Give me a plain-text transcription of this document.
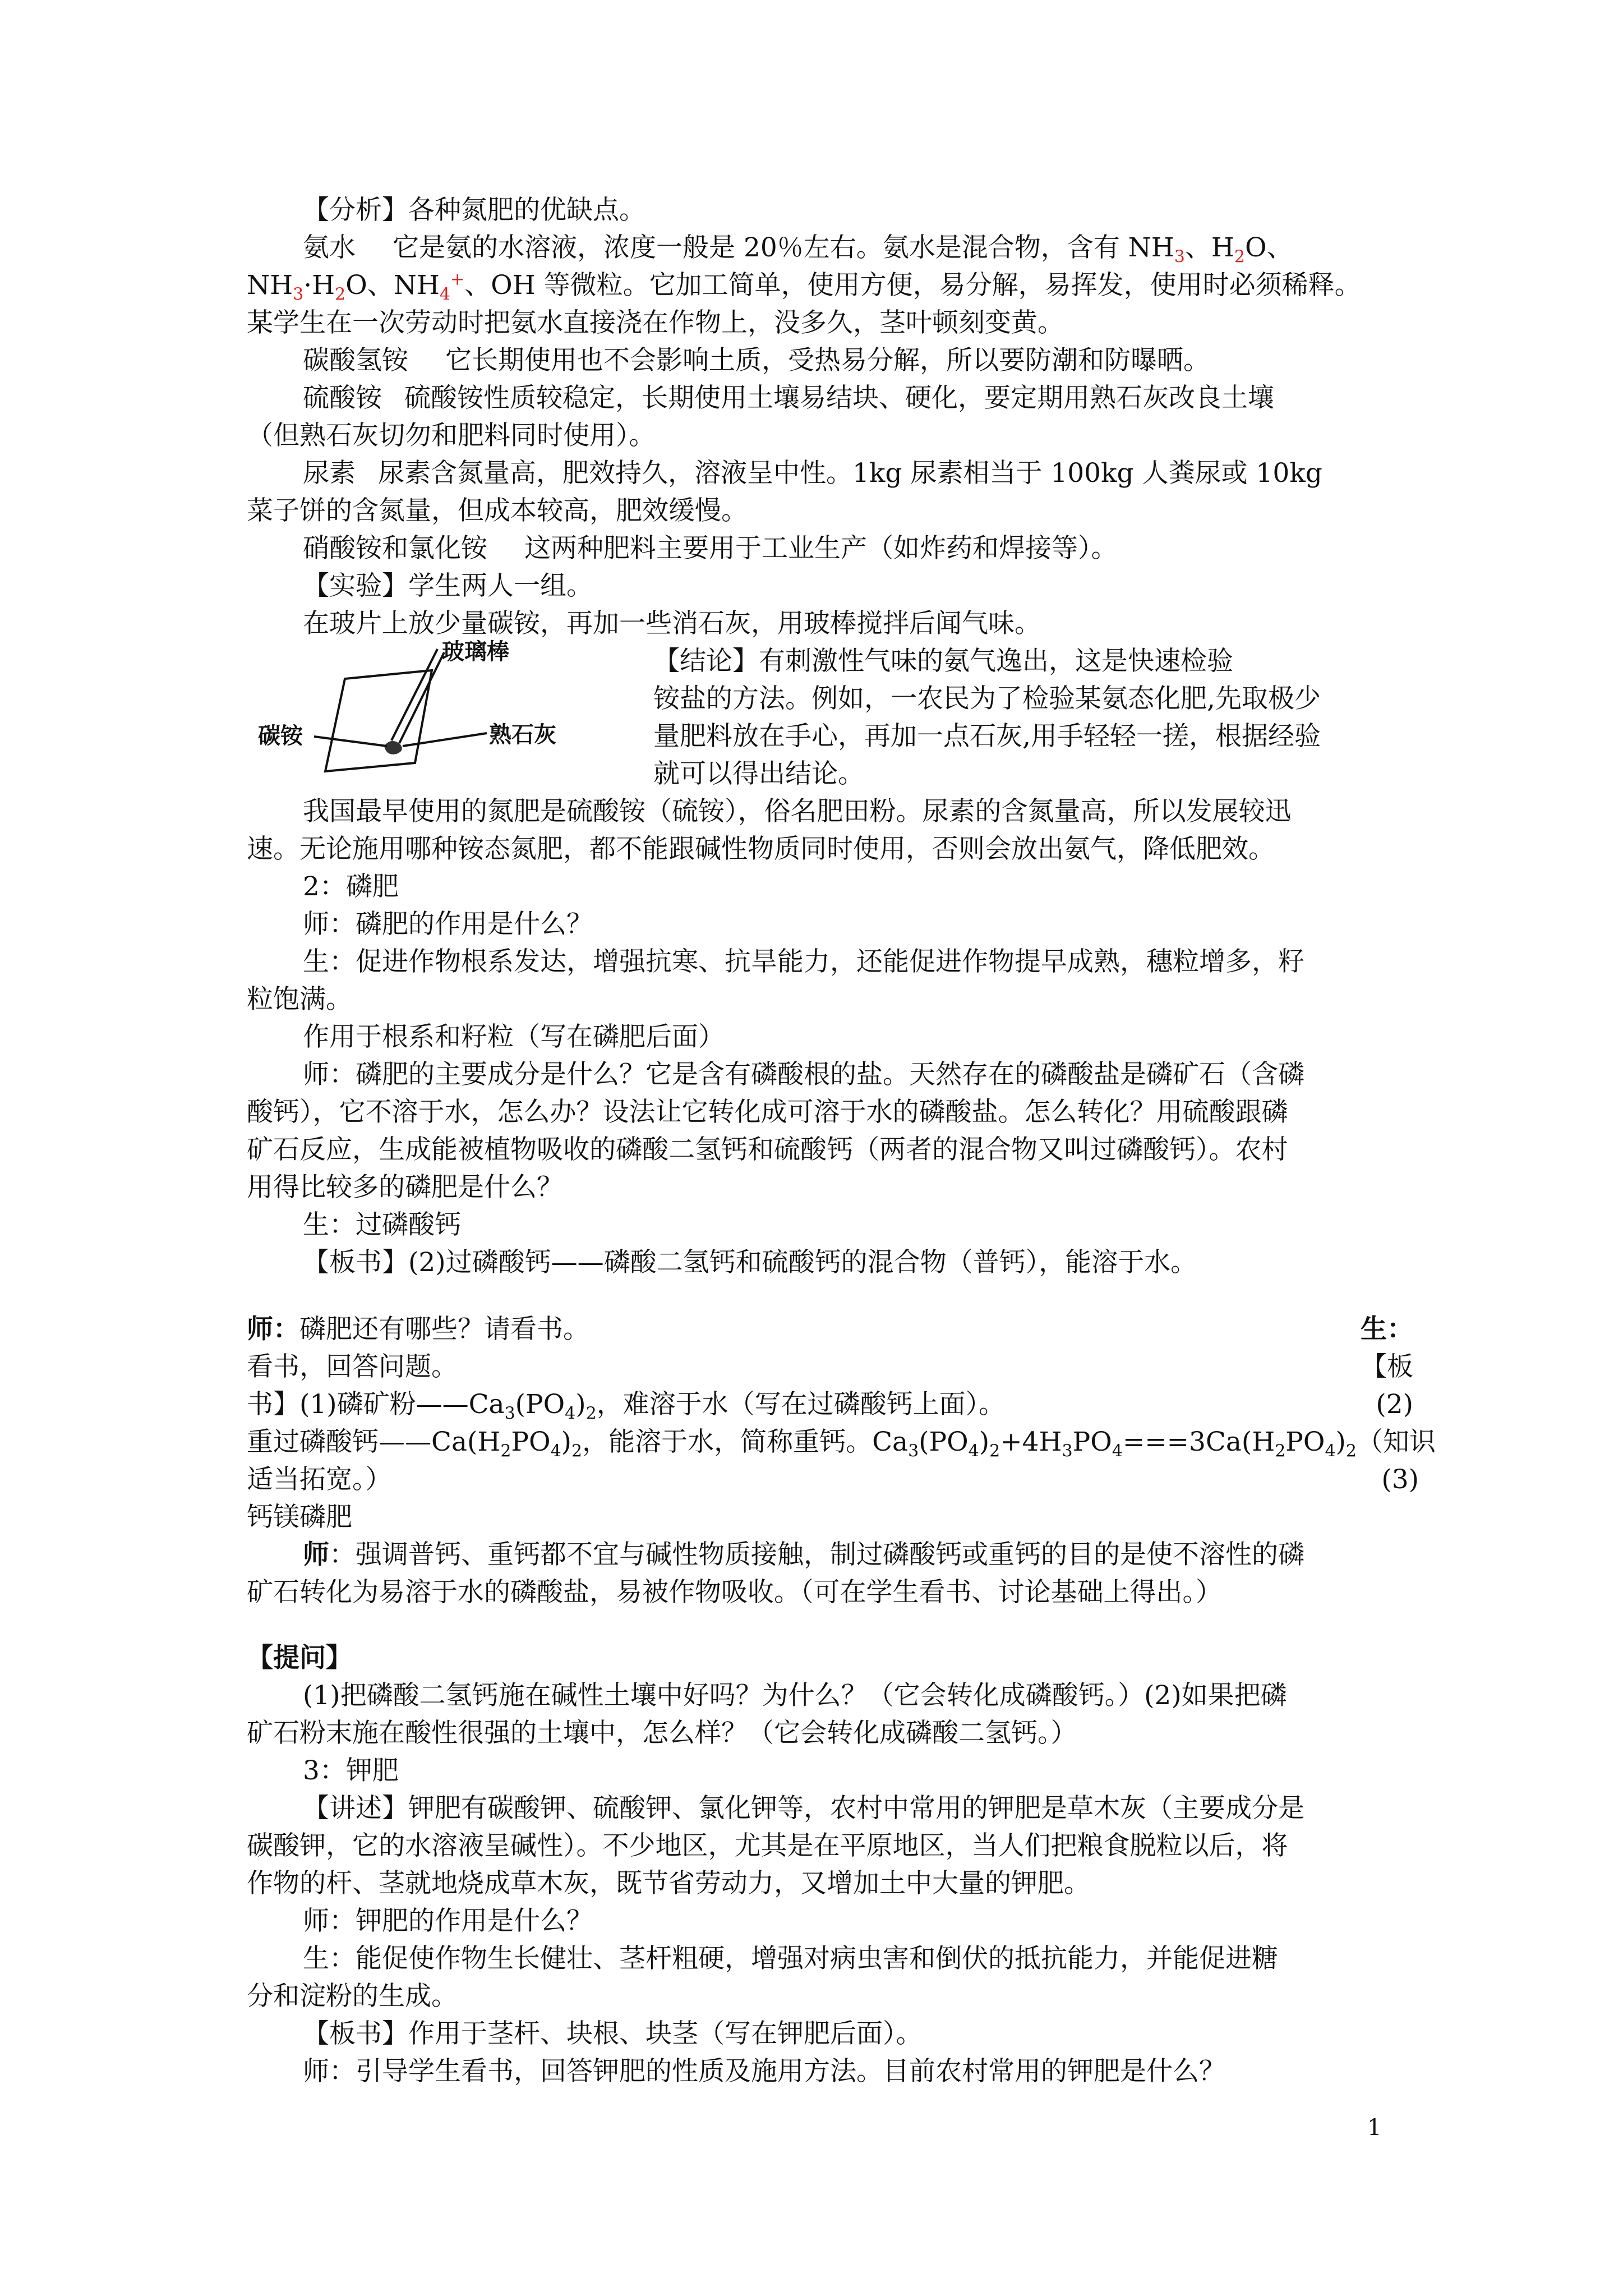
【分析】各种氮肥的优缺点。
氨水 它是氨的水溶液，浓度一般是 20％左右。氨水是混合物，含有 $NH_3$、$H_2O$、
$NH_3\cdot H_2O$、$NH_4^+$、OH 等微粒。它加工简单，使用方便，易分解，易挥发，使用时必须稀释。
某学生在一次劳动时把氨水直接浇在作物上，没多久，茎叶顿刻变黄。
碳酸氢铵 它长期使用也不会影响土质，受热易分解，所以要防潮和防曝晒。
硫酸铵 硫酸铵性质较稳定，长期使用土壤易结块、硬化，要定期用熟石灰改良土壤
（但熟石灰切勿和肥料同时使用）。
尿素 尿素含氮量高，肥效持久，溶液呈中性。1kg 尿素相当于 100kg 人粪尿或 10kg
菜子饼的含氮量，但成本较高，肥效缓慢。
硝酸铵和氯化铵 这两种肥料主要用于工业生产（如炸药和焊接等）。
【实验】学生两人一组。
在玻片上放少量碳铵，再加一些消石灰，用玻棒搅拌后闻气味。
玻璃棒
碳铵	熟石灰
【结论】有刺激性气味的氨气逸出，这是快速检验
铵盐的方法。例如，一农民为了检验某氨态化肥,先取极少
量肥料放在手心，再加一点石灰,用手轻轻一搓，根据经验
就可以得出结论。
我国最早使用的氮肥是硫酸铵（硫铵），俗名肥田粉。尿素的含氮量高，所以发展较迅
速。无论施用哪种铵态氮肥，都不能跟碱性物质同时使用，否则会放出氨气，降低肥效。
2：磷肥
师：磷肥的作用是什么？
生：促进作物根系发达，增强抗寒、抗旱能力，还能促进作物提早成熟，穗粒增多，籽
粒饱满。
作用于根系和籽粒（写在磷肥后面）
师：磷肥的主要成分是什么？它是含有磷酸根的盐。天然存在的磷酸盐是磷矿石（含磷
酸钙），它不溶于水，怎么办？设法让它转化成可溶于水的磷酸盐。怎么转化？用硫酸跟磷
矿石反应，生成能被植物吸收的磷酸二氢钙和硫酸钙（两者的混合物又叫过磷酸钙）。农村
用得比较多的磷肥是什么？
生：过磷酸钙
【板书】(2)过磷酸钙——磷酸二氢钙和硫酸钙的混合物（普钙），能溶于水。
师：磷肥还有哪些？请看书。	生：
看书，回答问题。	【板
书】(1)磷矿粉$——Ca_3(PO_4)_2$，难溶于水（写在过磷酸钙上面）。	(2)
重过磷酸钙$——Ca(H_2PO_4)_2$，能溶于水，简称重钙。$Ca_3(PO_4)_2+4H_3PO_4===3Ca(H_2PO_4)_2$（知识
适当拓宽。）	(3)
钙镁磷肥
师：强调普钙、重钙都不宜与碱性物质接触，制过磷酸钙或重钙的目的是使不溶性的磷
矿石转化为易溶于水的磷酸盐，易被作物吸收。（可在学生看书、讨论基础上得出。）
【提问】
(1)把磷酸二氢钙施在碱性土壤中好吗？为什么？（它会转化成磷酸钙。）(2)如果把磷
矿石粉末施在酸性很强的土壤中，怎么样？（它会转化成磷酸二氢钙。）
3：钾肥
【讲述】钾肥有碳酸钾、硫酸钾、氯化钾等，农村中常用的钾肥是草木灰（主要成分是
碳酸钾，它的水溶液呈碱性）。不少地区，尤其是在平原地区，当人们把粮食脱粒以后，将
作物的杆、茎就地烧成草木灰，既节省劳动力，又增加土中大量的钾肥。
师：钾肥的作用是什么？
生：能促使作物生长健壮、茎杆粗硬，增强对病虫害和倒伏的抵抗能力，并能促进糖
分和淀粉的生成。
【板书】作用于茎杆、块根、块茎（写在钾肥后面）。
师：引导学生看书，回答钾肥的性质及施用方法。目前农村常用的钾肥是什么？
1
